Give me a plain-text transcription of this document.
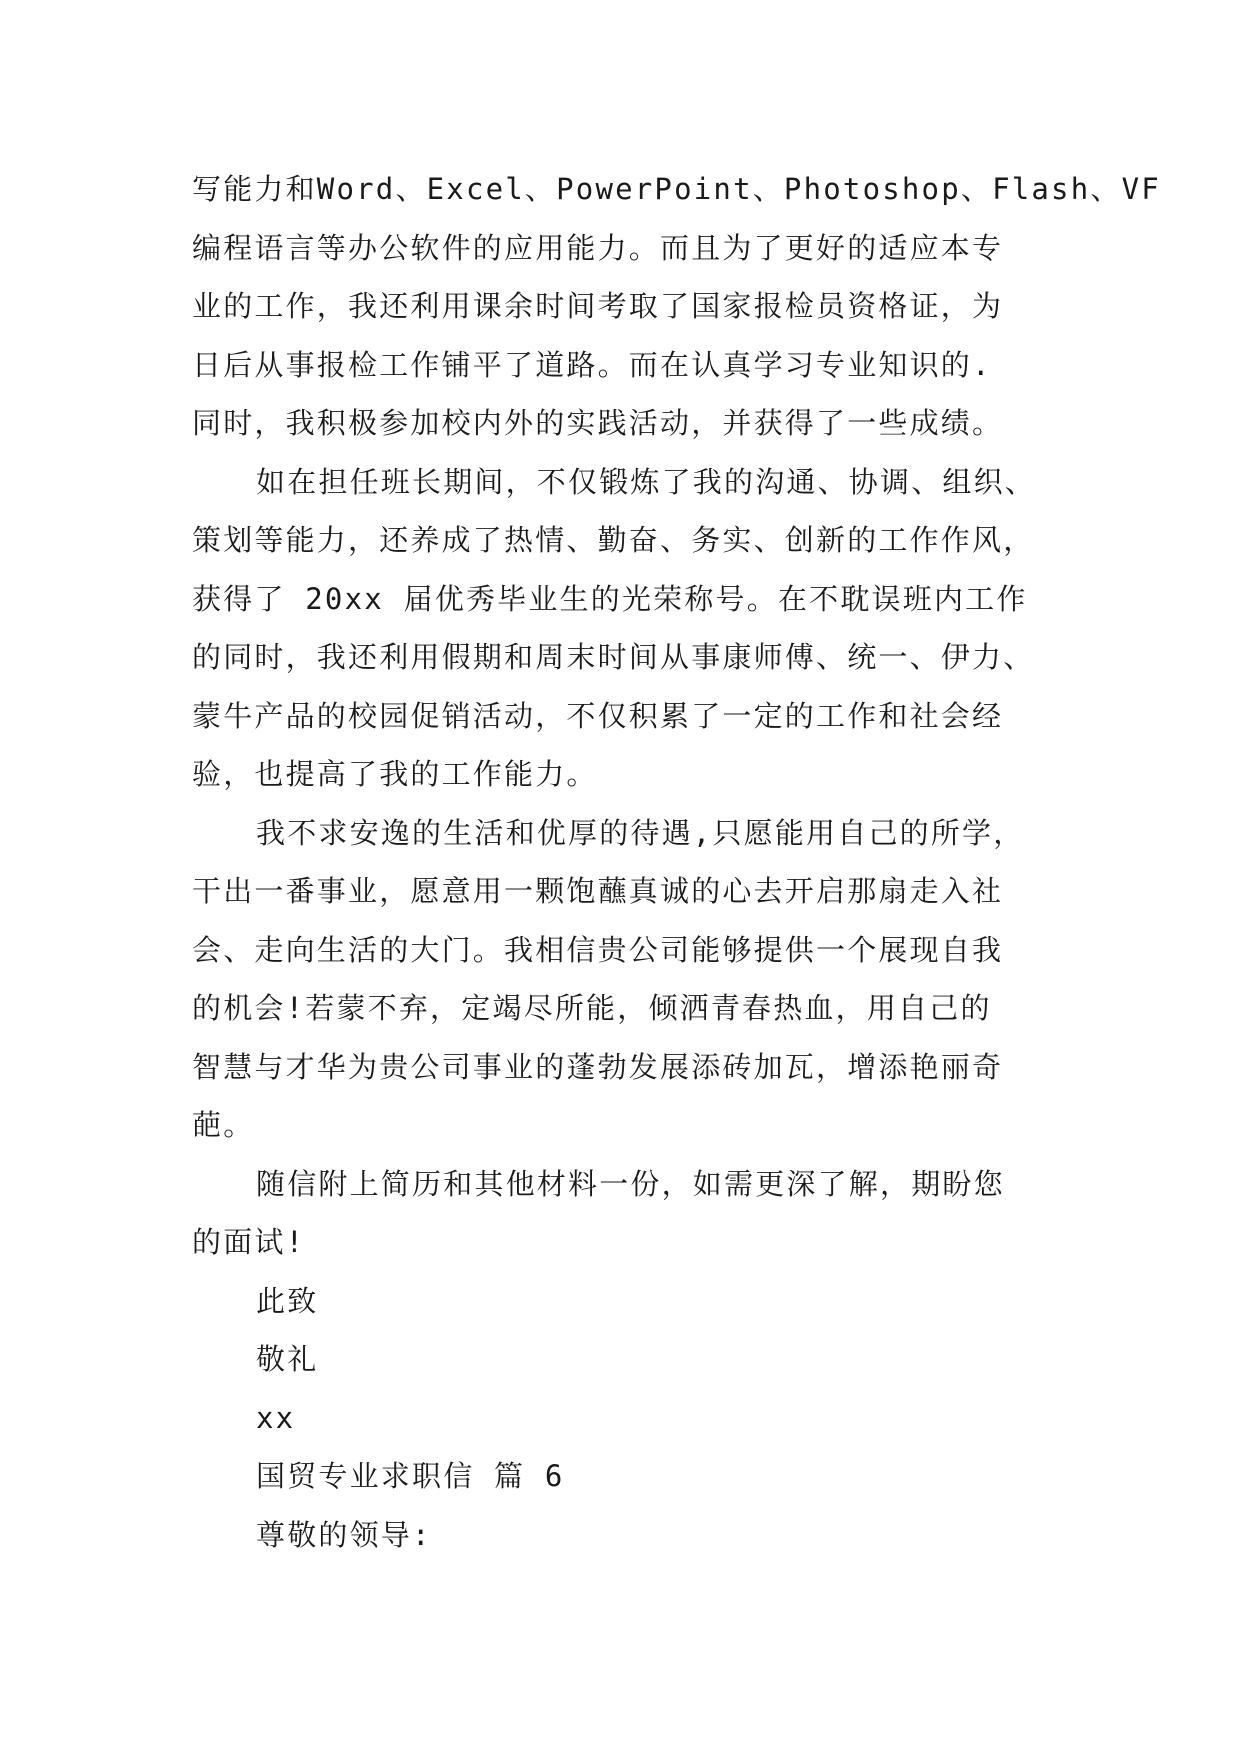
写能力和Word、Excel、PowerPoint、Photoshop、Flash、VF
编程语言等办公软件的应用能力。而且为了更好的适应本专
业的工作，我还利用课余时间考取了国家报检员资格证，为
日后从事报检工作铺平了道路。而在认真学习专业知识的.
同时，我积极参加校内外的实践活动，并获得了一些成绩。
如在担任班长期间，不仅锻炼了我的沟通、协调、组织、
策划等能力，还养成了热情、勤奋、务实、创新的工作作风，
获得了 20xx 届优秀毕业生的光荣称号。在不耽误班内工作
的同时，我还利用假期和周末时间从事康师傅、统一、伊力、
蒙牛产品的校园促销活动，不仅积累了一定的工作和社会经
验，也提高了我的工作能力。
我不求安逸的生活和优厚的待遇,只愿能用自己的所学，
干出一番事业，愿意用一颗饱蘸真诚的心去开启那扇走入社
会、走向生活的大门。我相信贵公司能够提供一个展现自我
的机会!若蒙不弃，定竭尽所能，倾洒青春热血，用自己的
智慧与才华为贵公司事业的蓬勃发展添砖加瓦，增添艳丽奇
葩。
随信附上简历和其他材料一份，如需更深了解，期盼您
的面试!
此致
敬礼
xx
国贸专业求职信 篇 6
尊敬的领导:
